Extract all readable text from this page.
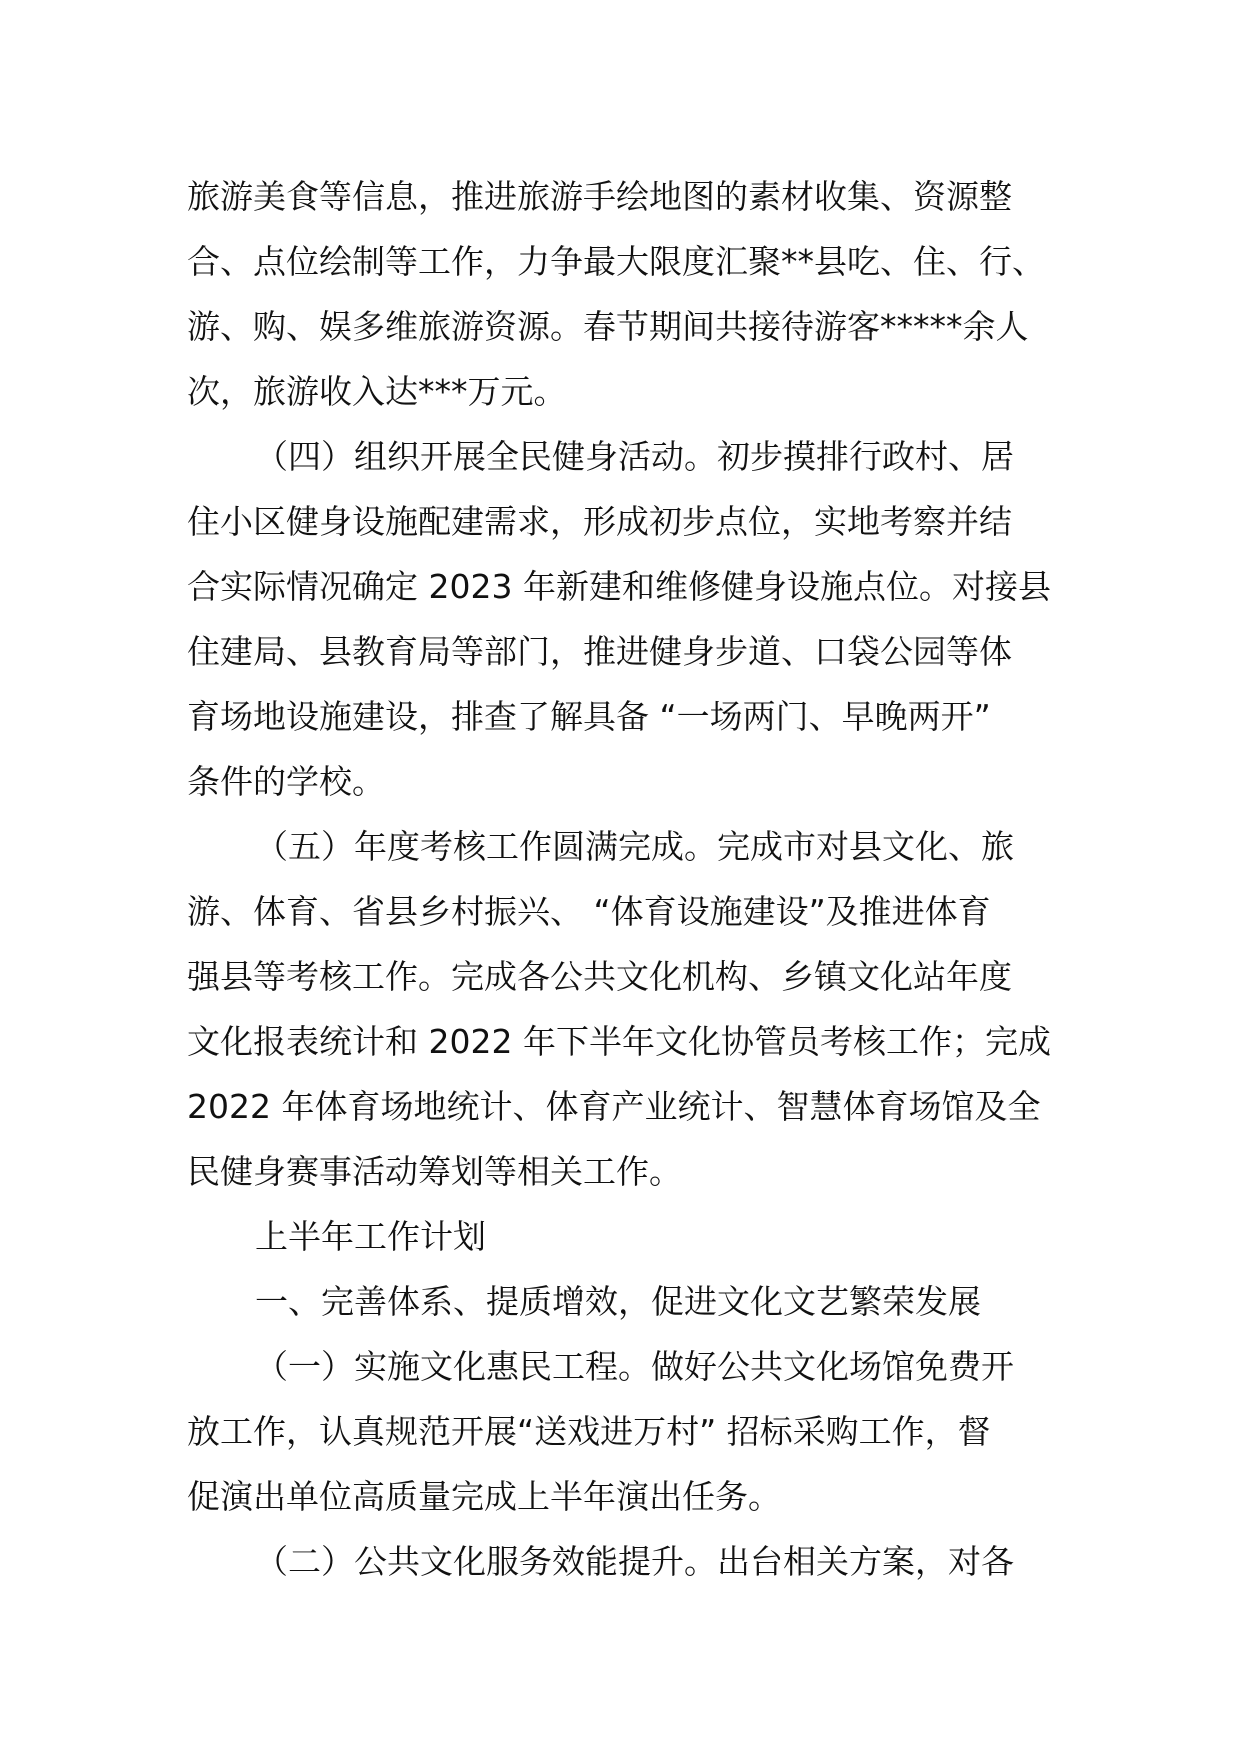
旅游美食等信息，推进旅游手绘地图的素材收集、资源整
合、点位绘制等工作，力争最大限度汇聚**县吃、住、行、
游、购、娱多维旅游资源。春节期间共接待游客*****余人
次，旅游收入达***万元。
（四）组织开展全民健身活动。初步摸排行政村、居
住小区健身设施配建需求，形成初步点位，实地考察并结
合实际情况确定 2023 年新建和维修健身设施点位。对接县
住建局、县教育局等部门，推进健身步道、口袋公园等体
育场地设施建设，排查了解具备 “一场两门、早晚两开”
条件的学校。
（五）年度考核工作圆满完成。完成市对县文化、旅
游、体育、省县乡村振兴、 “体育设施建设”及推进体育
强县等考核工作。完成各公共文化机构、乡镇文化站年度
文化报表统计和 2022 年下半年文化协管员考核工作；完成
2022 年体育场地统计、体育产业统计、智慧体育场馆及全
民健身赛事活动筹划等相关工作。
上半年工作计划
一、完善体系、提质增效，促进文化文艺繁荣发展
（一）实施文化惠民工程。做好公共文化场馆免费开
放工作，认真规范开展“送戏进万村” 招标采购工作，督
促演出单位高质量完成上半年演出任务。
（二）公共文化服务效能提升。出台相关方案，对各
